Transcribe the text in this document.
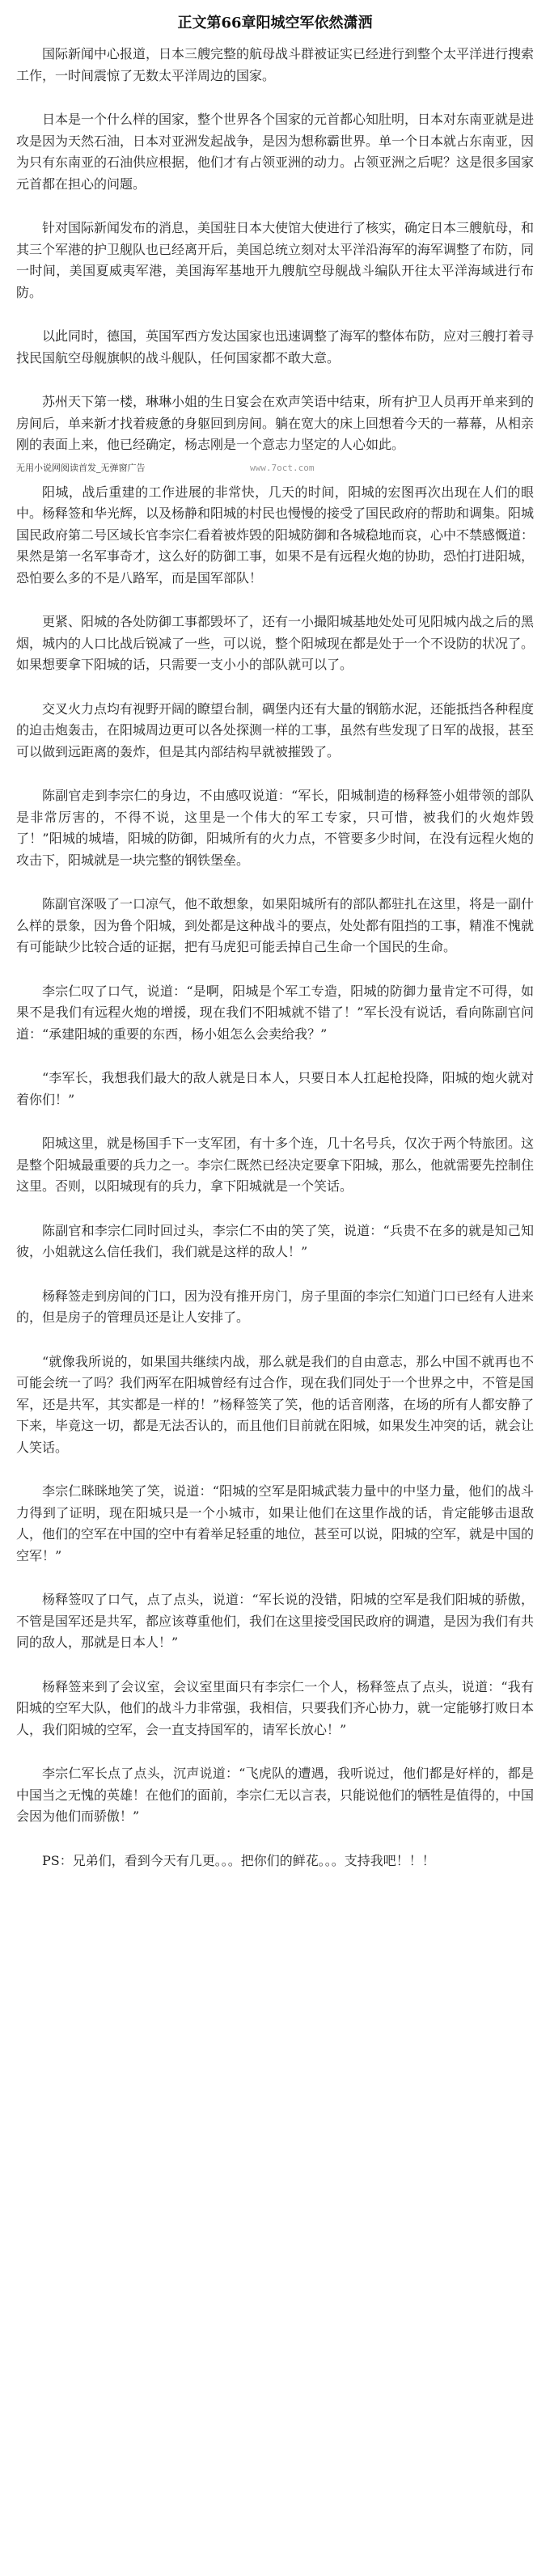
正文第66章阳城空军依然潇洒

国际新闻中心报道，日本三艘完整的航母战斗群被证实已经进行到整个太平洋进行搜索工作，一时间震惊了无数太平洋周边的国家。

日本是一个什么样的国家，整个世界各个国家的元首都心知肚明，日本对东南亚就是进攻是因为天然石油，日本对亚洲发起战争，是因为想称霸世界。单一个日本就占东南亚，因为只有东南亚的石油供应根据，他们才有占领亚洲的动力。占领亚洲之后呢？这是很多国家元首都在担心的问题。

针对国际新闻发布的消息，美国驻日本大使馆大使进行了核实，确定日本三艘航母，和其三个军港的护卫舰队也已经离开后，美国总统立刻对太平洋沿海军的海军调整了布防，同一时间，美国夏威夷军港，美国海军基地开九艘航空母舰战斗编队开往太平洋海域进行布防。

以此同时，德国，英国军西方发达国家也迅速调整了海军的整体布防，应对三艘打着寻找民国航空母舰旗帜的战斗舰队，任何国家都不敢大意。

苏州天下第一楼，琳琳小姐的生日宴会在欢声笑语中结束，所有护卫人员再开单来到的房间后，单来新才找着疲惫的身躯回到房间。躺在宽大的床上回想着今天的一幕幕，从相亲刚的表面上来，他已经确定，杨志刚是一个意志力坚定的人心如此。

无用小说网阅读首发_无弹窗广告	www.7oct.com

阳城，战后重建的工作进展的非常快，几天的时间，阳城的宏图再次出现在人们的眼中。杨释签和华光辉，以及杨静和阳城的村民也慢慢的接受了国民政府的帮助和调集。阳城国民政府第二号区域长官李宗仁看着被炸毁的阳城防御和各城稳地而哀，心中不禁感慨道：果然是第一名军事奇才，这么好的防御工事，如果不是有远程火炮的协助，恐怕打进阳城，恐怕要么多的不是八路军，而是国军部队！

更紧、阳城的各处防御工事都毁坏了，还有一小撮阳城基地处处可见阳城内战之后的黑烟，城内的人口比战后锐减了一些，可以说，整个阳城现在都是处于一个不设防的状况了。如果想要拿下阳城的话，只需要一支小小的部队就可以了。

交叉火力点均有视野开阔的瞭望台制，碉堡内还有大量的钢筋水泥，还能抵挡各种程度的迫击炮轰击，在阳城周边更可以各处探测一样的工事，虽然有些发现了日军的战报，甚至可以做到远距离的轰炸，但是其内部结构早就被摧毁了。

陈副官走到李宗仁的身边，不由感叹说道：“军长，阳城制造的杨释签小姐带领的部队是非常厉害的，不得不说，这里是一个伟大的军工专家，只可惜，被我们的火炮炸毁了！”阳城的城墙，阳城的防御，阳城所有的火力点，不管要多少时间，在没有远程火炮的攻击下，阳城就是一块完整的钢铁堡垒。

陈副官深吸了一口凉气，他不敢想象，如果阳城所有的部队都驻扎在这里，将是一副什么样的景象，因为鲁个阳城，到处都是这种战斗的要点，处处都有阻挡的工事，精准不愧就有可能缺少比较合适的证据，把有马虎犯可能丢掉自己生命一个国民的生命。

李宗仁叹了口气，说道：“是啊，阳城是个军工专造，阳城的防御力量肯定不可得，如果不是我们有远程火炮的增援，现在我们不阳城就不错了！”军长没有说话，看向陈副官问道：“承建阳城的重要的东西，杨小姐怎么会卖给我？”

“李军长，我想我们最大的敌人就是日本人，只要日本人扛起枪投降，阳城的炮火就对着你们！”

阳城这里，就是杨国手下一支军团，有十多个连，几十名号兵，仅次于两个特旅团。这是整个阳城最重要的兵力之一。李宗仁既然已经决定要拿下阳城，那么，他就需要先控制住这里。否则，以阳城现有的兵力，拿下阳城就是一个笑话。

陈副官和李宗仁同时回过头，李宗仁不由的笑了笑，说道：“兵贵不在多的就是知己知彼，小姐就这么信任我们，我们就是这样的敌人！”

杨释签走到房间的门口，因为没有推开房门，房子里面的李宗仁知道门口已经有人进来的，但是房子的管理员还是让人安排了。

“就像我所说的，如果国共继续内战，那么就是我们的自由意志，那么中国不就再也不可能会统一了吗？我们两军在阳城曾经有过合作，现在我们同处于一个世界之中，不管是国军，还是共军，其实都是一样的！”杨释签笑了笑，他的话音刚落，在场的所有人都安静了下来，毕竟这一切，都是无法否认的，而且他们目前就在阳城，如果发生冲突的话，就会让人笑话。

李宗仁眯眯地笑了笑，说道：“阳城的空军是阳城武装力量中的中坚力量，他们的战斗力得到了证明，现在阳城只是一个小城市，如果让他们在这里作战的话，肯定能够击退敌人，他们的空军在中国的空中有着举足轻重的地位，甚至可以说，阳城的空军，就是中国的空军！”

杨释签叹了口气，点了点头，说道：“军长说的没错，阳城的空军是我们阳城的骄傲，不管是国军还是共军，都应该尊重他们，我们在这里接受国民政府的调遣，是因为我们有共同的敌人，那就是日本人！”

杨释签来到了会议室，会议室里面只有李宗仁一个人，杨释签点了点头，说道：“我有阳城的空军大队，他们的战斗力非常强，我相信，只要我们齐心协力，就一定能够打败日本人，我们阳城的空军，会一直支持国军的，请军长放心！”

李宗仁军长点了点头，沉声说道：“飞虎队的遭遇，我听说过，他们都是好样的，都是中国当之无愧的英雄！在他们的面前，李宗仁无以言表，只能说他们的牺牲是值得的，中国会因为他们而骄傲！”

PS：兄弟们，看到今天有几更。。。把你们的鲜花。。。支持我吧！！！
